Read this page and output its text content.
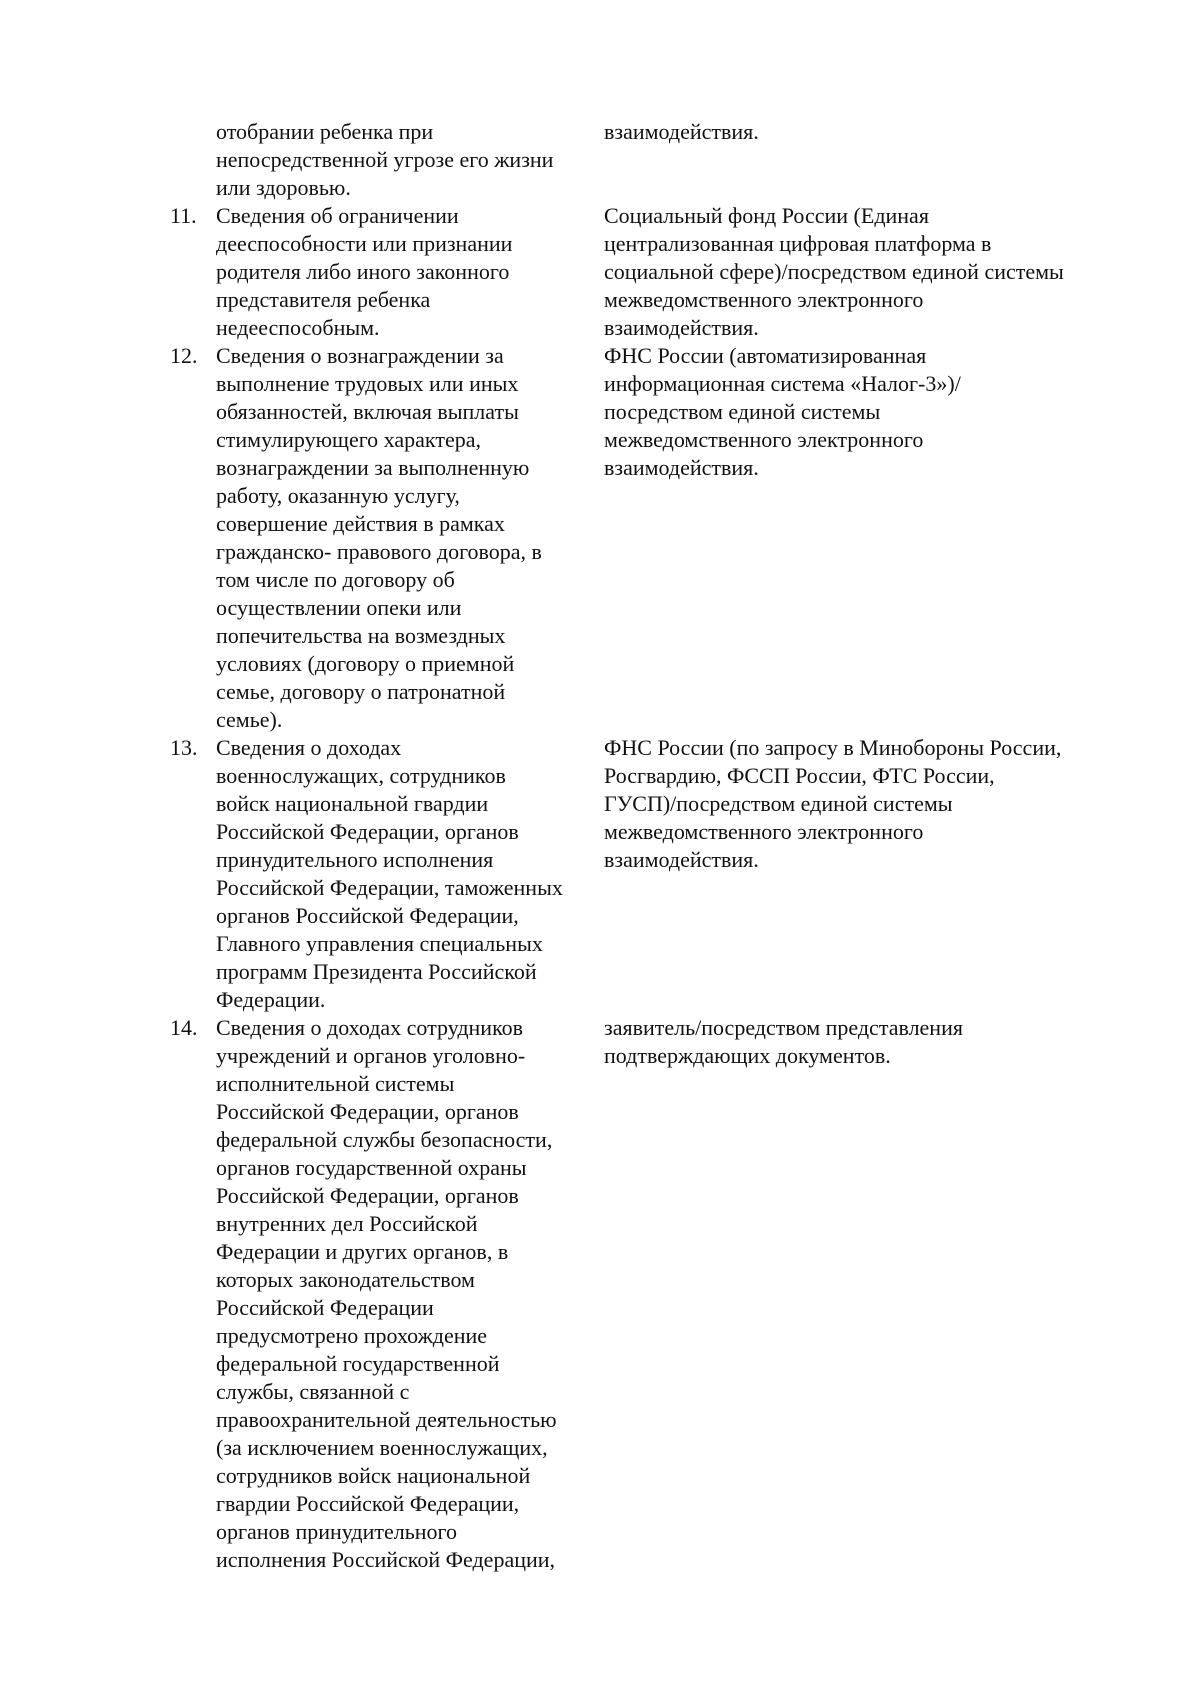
отобрании ребенка при
непосредственной угрозе его жизни
или здоровью.
взаимодействия.
11. Сведения об ограничении
дееспособности или признании
родителя либо иного законного
представителя ребенка
недееспособным.
Социальный фонд России (Единая
централизованная цифровая платформа в
социальной сфере)/посредством единой системы
межведомственного электронного
взаимодействия.
12. Сведения о вознаграждении за
выполнение трудовых или иных
обязанностей, включая выплаты
стимулирующего характера,
вознаграждении за выполненную
работу, оказанную услугу,
совершение действия в рамках
гражданско- правового договора, в
том числе по договору об
осуществлении опеки или
попечительства на возмездных
условиях (договору о приемной
семье, договору о патронатной
семье).
ФНС России (автоматизированная
информационная система «Налог-3»)/
посредством единой системы
межведомственного электронного
взаимодействия.
13. Сведения о доходах
военнослужащих, сотрудников
войск национальной гвардии
Российской Федерации, органов
принудительного исполнения
Российской Федерации, таможенных
органов Российской Федерации,
Главного управления специальных
программ Президента Российской
Федерации.
ФНС России (по запросу в Минобороны России,
Росгвардию, ФССП России, ФТС России,
ГУСП)/посредством единой системы
межведомственного электронного
взаимодействия.
14. Сведения о доходах сотрудников
учреждений и органов уголовно-
исполнительной системы
Российской Федерации, органов
федеральной службы безопасности,
органов государственной охраны
Российской Федерации, органов
внутренних дел Российской
Федерации и других органов, в
которых законодательством
Российской Федерации
предусмотрено прохождение
федеральной государственной
службы, связанной с
правоохранительной деятельностью
(за исключением военнослужащих,
сотрудников войск национальной
гвардии Российской Федерации,
органов принудительного
исполнения Российской Федерации,
заявитель/посредством представления
подтверждающих документов.
